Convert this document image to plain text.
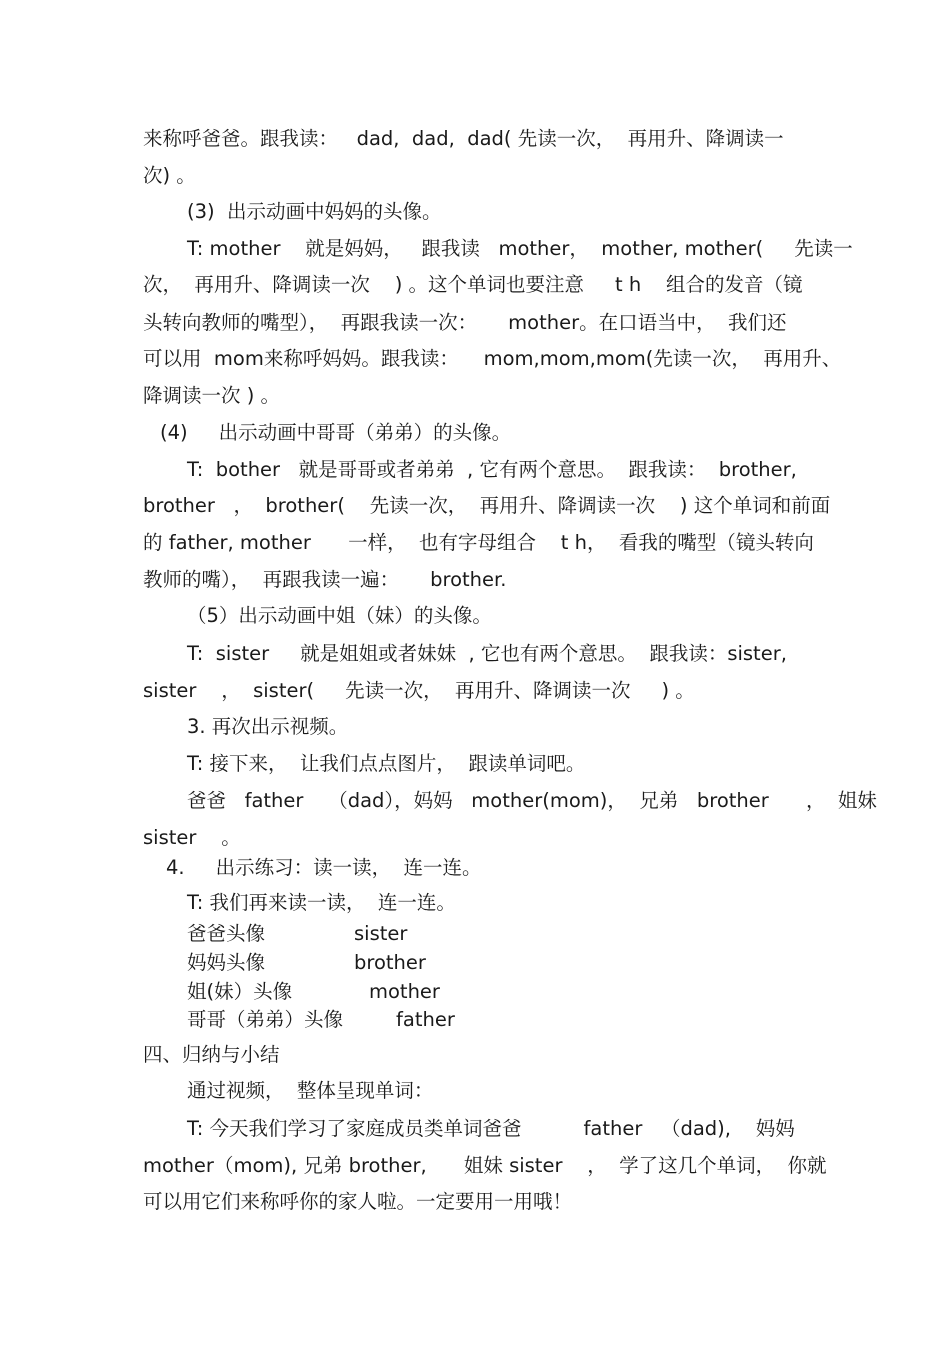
来称呼爸爸。跟我读：   dad,  dad,  dad( 先读一次，  再用升、降调读一
次) 。
(3)  出示动画中妈妈的头像。
T: mother    就是妈妈，   跟我读   mother，  mother, mother(     先读一
次，  再用升、降调读一次    ) 。这个单词也要注意     t h    组合的发音（镜
头转向教师的嘴型），  再跟我读一次：     mother。在口语当中，  我们还
可以用  mom来称呼妈妈。跟我读：    mom,mom,mom(先读一次，  再用升、
降调读一次 ) 。
(4)     出示动画中哥哥（弟弟）的头像。
T:  bother   就是哥哥或者弟弟  , 它有两个意思。  跟我读：  brother,
brother   ，  brother(    先读一次，  再用升、降调读一次    ) 这个单词和前面
的 father, mother      一样，  也有字母组合    t h，  看我的嘴型（镜头转向
教师的嘴），  再跟我读一遍：     brother.
（5）出示动画中姐（妹）的头像。
T:  sister     就是姐姐或者妹妹  , 它也有两个意思。  跟我读：sister,
sister    ，  sister(     先读一次，  再用升、降调读一次     ) 。
3. 再次出示视频。
T: 接下来，  让我们点点图片，  跟读单词吧。
爸爸   father    （dad），妈妈   mother(mom)，  兄弟   brother      ，  姐妹
sister    。
4.     出示练习：读一读，  连一连。
T: 我们再来读一读，  连一连。
爸爸头像	sister
妈妈头像	brother
姐(妹）头像	mother
哥哥（弟弟）头像	father
四、归纳与小结
通过视频，  整体呈现单词：
T: 今天我们学习了家庭成员类单词爸爸          father   （dad),    妈妈
mother（mom), 兄弟 brother,      姐妹 sister    ，  学了这几个单词，  你就
可以用它们来称呼你的家人啦。一定要用一用哦！
